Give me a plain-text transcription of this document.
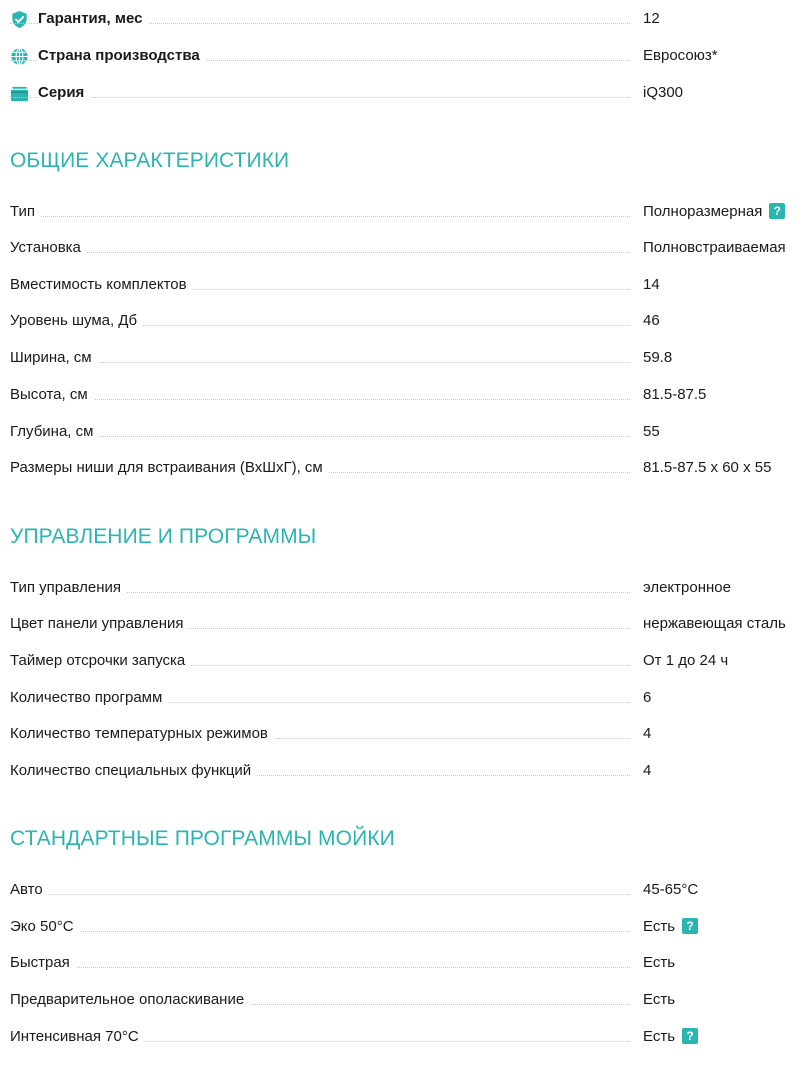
Гарантия, мес	12
Страна производства	Евросоюз*
Серия	iQ300
ОБЩИЕ ХАРАКТЕРИСТИКИ
Тип	Полноразмерная ?
Установка	Полновстраиваемая
Вместимость комплектов	14
Уровень шума, Дб	46
Ширина, см	59.8
Высота, см	81.5-87.5
Глубина, см	55
Размеры ниши для встраивания (ВхШхГ), см	81.5-87.5 x 60 x 55
УПРАВЛЕНИЕ И ПРОГРАММЫ
Тип управления	электронное
Цвет панели управления	нержавеющая сталь
Таймер отсрочки запуска	От 1 до 24 ч
Количество программ	6
Количество температурных режимов	4
Количество специальных функций	4
СТАНДАРТНЫЕ ПРОГРАММЫ МОЙКИ
Авто	45-65°C
Эко 50°C	Есть ?
Быстрая	Есть
Предварительное ополаскивание	Есть
Интенсивная 70°C	Есть ?
